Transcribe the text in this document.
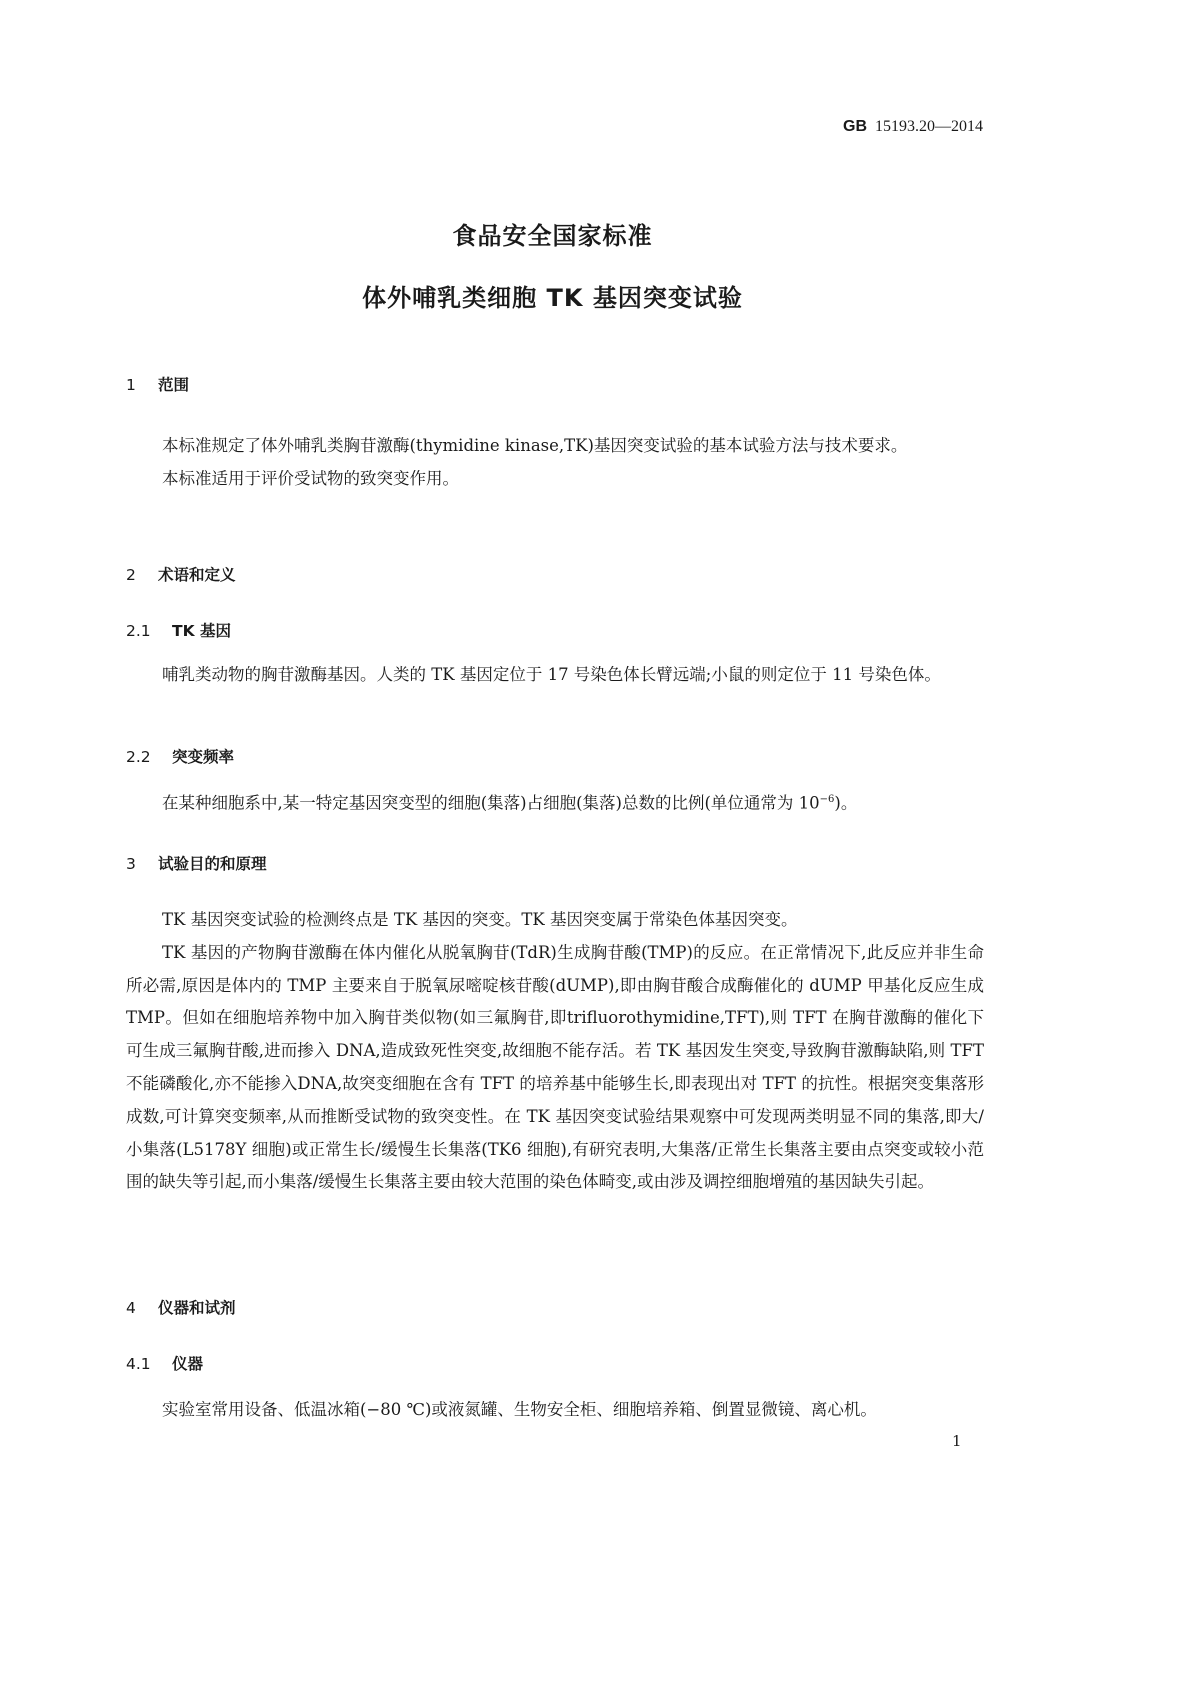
GB 15193.20—2014
食品安全国家标准
体外哺乳类细胞 TK 基因突变试验
1 范围

本标准规定了体外哺乳类胸苷激酶(thymidine kinase,TK)基因突变试验的基本试验方法与技术要求。

本标准适用于评价受试物的致突变作用。

2 术语和定义
2.1 TK 基因

哺乳类动物的胸苷激酶基因。人类的 TK 基因定位于 17 号染色体长臂远端;小鼠的则定位于 11 号染色体。

2.2 突变频率

在某种细胞系中,某一特定基因突变型的细胞(集落)占细胞(集落)总数的比例(单位通常为 $10^{-6}$)。

3 试验目的和原理

TK 基因突变试验的检测终点是 TK 基因的突变。TK 基因突变属于常染色体基因突变。

TK 基因的产物胸苷激酶在体内催化从脱氧胸苷(TdR)生成胸苷酸(TMP)的反应。在正常情况下,此反应并非生命所必需,原因是体内的 TMP 主要来自于脱氧尿嘧啶核苷酸(dUMP),即由胸苷酸合成酶催化的 dUMP 甲基化反应生成 TMP。但如在细胞培养物中加入胸苷类似物(如三氟胸苷,即trifluorothymidine,TFT),则 TFT 在胸苷激酶的催化下可生成三氟胸苷酸,进而掺入 DNA,造成致死性突变,故细胞不能存活。若 TK 基因发生突变,导致胸苷激酶缺陷,则 TFT 不能磷酸化,亦不能掺入DNA,故突变细胞在含有 TFT 的培养基中能够生长,即表现出对 TFT 的抗性。根据突变集落形成数,可计算突变频率,从而推断受试物的致突变性。在 TK 基因突变试验结果观察中可发现两类明显不同的集落,即大/小集落(L5178Y 细胞)或正常生长/缓慢生长集落(TK6 细胞),有研究表明,大集落/正常生长集落主要由点突变或较小范围的缺失等引起,而小集落/缓慢生长集落主要由较大范围的染色体畸变,或由涉及调控细胞增殖的基因缺失引起。

4 仪器和试剂
4.1 仪器

实验室常用设备、低温冰箱(−80 ℃)或液氮罐、生物安全柜、细胞培养箱、倒置显微镜、离心机。

1
